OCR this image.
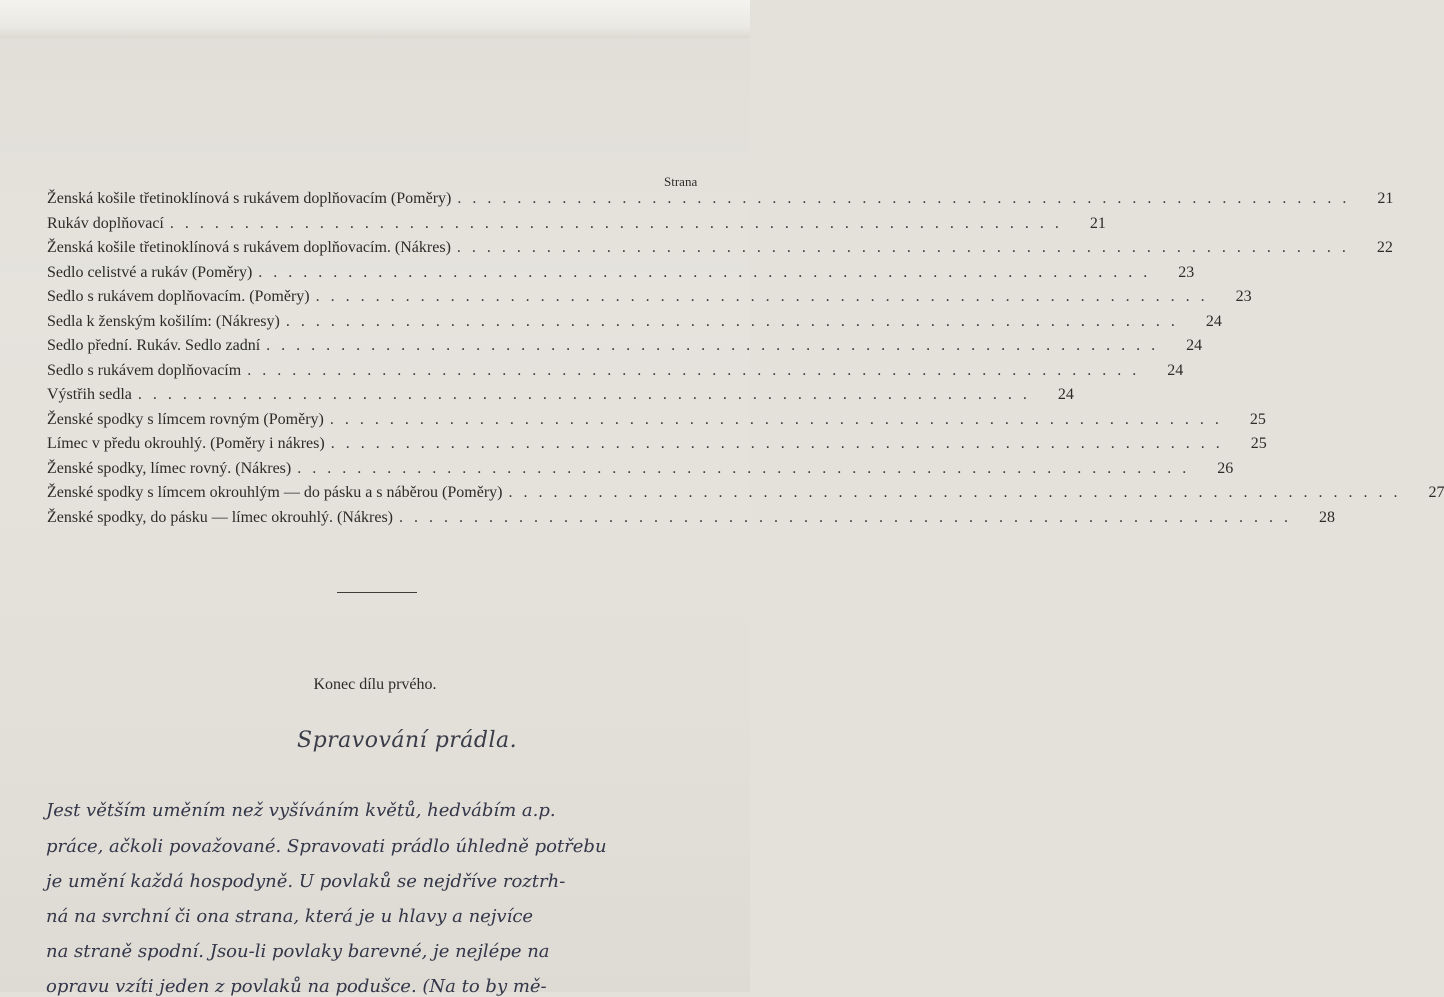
Strana
Ženská košile třetinoklínová s rukávem doplňovacím (Poměry) ............................................................	21
Rukáv doplňovací ............................................................	21
Ženská košile třetinoklínová s rukávem doplňovacím. (Nákres) ............................................................	22
Sedlo celistvé a rukáv (Poměry) ............................................................	23
Sedlo s rukávem doplňovacím. (Poměry) ............................................................	23
Sedla k ženským košilím: (Nákresy) ............................................................	24
Sedlo přední. Rukáv. Sedlo zadní ............................................................	24
Sedlo s rukávem doplňovacím ............................................................	24
Výstřih sedla ............................................................	24
Ženské spodky s límcem rovným (Poměry) ............................................................	25
Límec v předu okrouhlý. (Poměry i nákres) ............................................................	25
Ženské spodky, límec rovný. (Nákres) ............................................................	26
Ženské spodky s límcem okrouhlým — do pásku a s náběrou (Poměry) ............................................................	27
Ženské spodky, do pásku — límec okrouhlý. (Nákres) ............................................................	28
Konec dílu prvého.
Spravování prádla.
Jest větším uměním než vyšíváním květů, hedvábím a.p.
práce, ačkoli považované. Spravovati prádlo úhledně potřebu
je umění každá hospodyně. U povlaků se nejdříve roztrh-
ná na svrchní či ona strana, která je u hlavy a nejvíce
na straně spodní. Jsou-li povlaky barevné, je nejlépe na
opravu vzíti jeden z povlaků na podušce. (Na to by mě-
